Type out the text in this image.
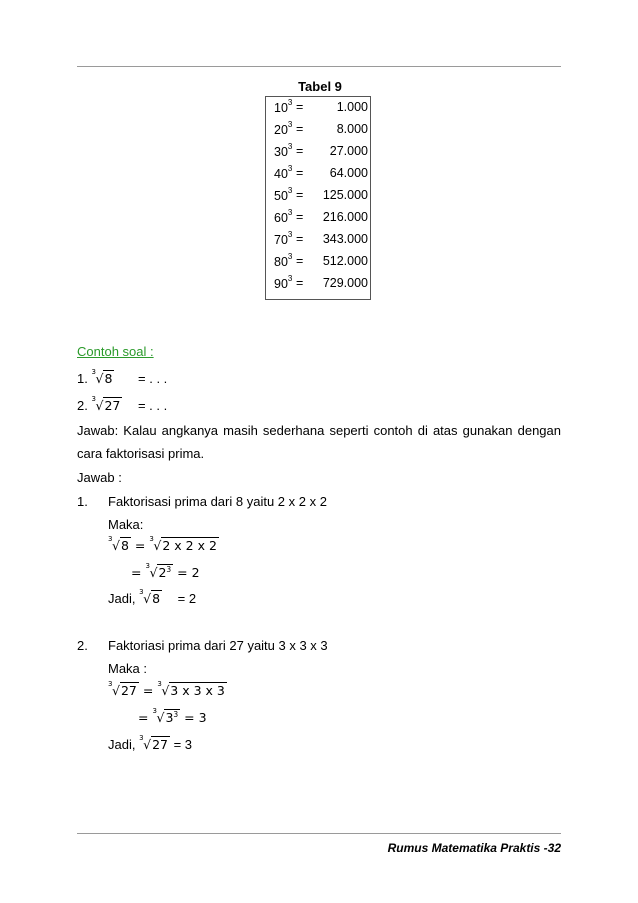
Tabel 9
$10^3$ =	1.000
$20^3$ =	8.000
$30^3 = 27.000$
$40^3 = 64.000$
$50^3 = 125.000$
$60^3 = 216.000$
$70^3 = 343.000$
$80^3 = 512.000$
$90^3 = 729.000$
Contoh soal :
1. 3 √8 = . . .
2. 3 √27 = . . .
Jawab: Kalau angkanya masih sederhana seperti contoh di atas gunakan dengan
cara faktorisasi prima.
Jawab :
1. Faktorisasi prima dari 8 yaitu 2 x 2 x 2
Maka:
3 √8 = 3 √2 x 2 x 2
= 3 $√2^3 = 2$
Jadi, 3 √8 = 2
2. Faktoriasi prima dari 27 yaitu 3 x 3 x 3
Maka :
3 √27 = 3 √3 x 3 x 3
= 3 $√3^3 = 3$
Jadi, 3 √27 = 3
Rumus Matematika Praktis -32
